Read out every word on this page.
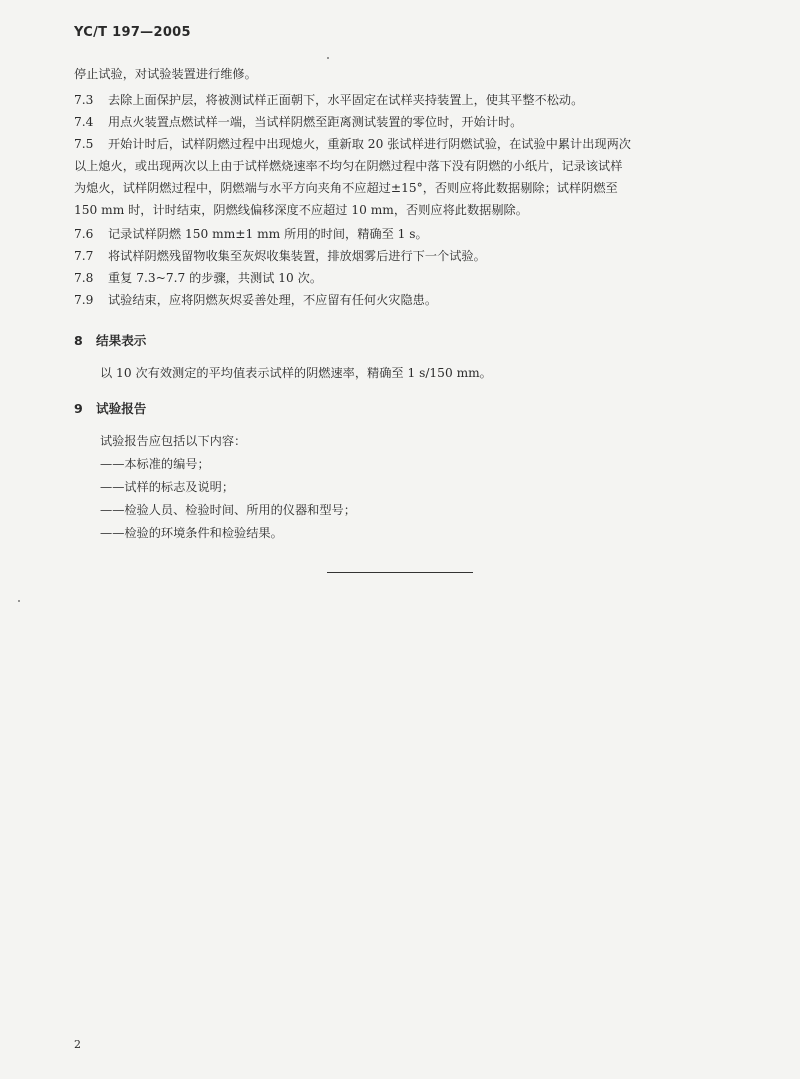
YC/T 197—2005
停止试验，对试验装置进行维修。
7.3 去除上面保护层，将被测试样正面朝下，水平固定在试样夹持装置上，使其平整不松动。
7.4 用点火装置点燃试样一端，当试样阴燃至距离测试装置的零位时，开始计时。
7.5 开始计时后，试样阴燃过程中出现熄火，重新取 20 张试样进行阴燃试验，在试验中累计出现两次
以上熄火，或出现两次以上由于试样燃烧速率不均匀在阴燃过程中落下没有阴燃的小纸片，记录该试样
为熄火，试样阴燃过程中，阴燃端与水平方向夹角不应超过±15°，否则应将此数据剔除；试样阴燃至
150 mm 时，计时结束，阴燃线偏移深度不应超过 10 mm，否则应将此数据剔除。
7.6 记录试样阴燃 150 mm±1 mm 所用的时间，精确至 1 s。
7.7 将试样阴燃残留物收集至灰烬收集装置，排放烟雾后进行下一个试验。
7.8 重复 7.3~7.7 的步骤，共测试 10 次。
7.9 试验结束，应将阴燃灰烬妥善处理，不应留有任何火灾隐患。
8 结果表示
以 10 次有效测定的平均值表示试样的阴燃速率，精确至 1 s/150 mm。
9 试验报告
试验报告应包括以下内容：
——本标准的编号；
——试样的标志及说明；
——检验人员、检验时间、所用的仪器和型号；
——检验的环境条件和检验结果。
2
